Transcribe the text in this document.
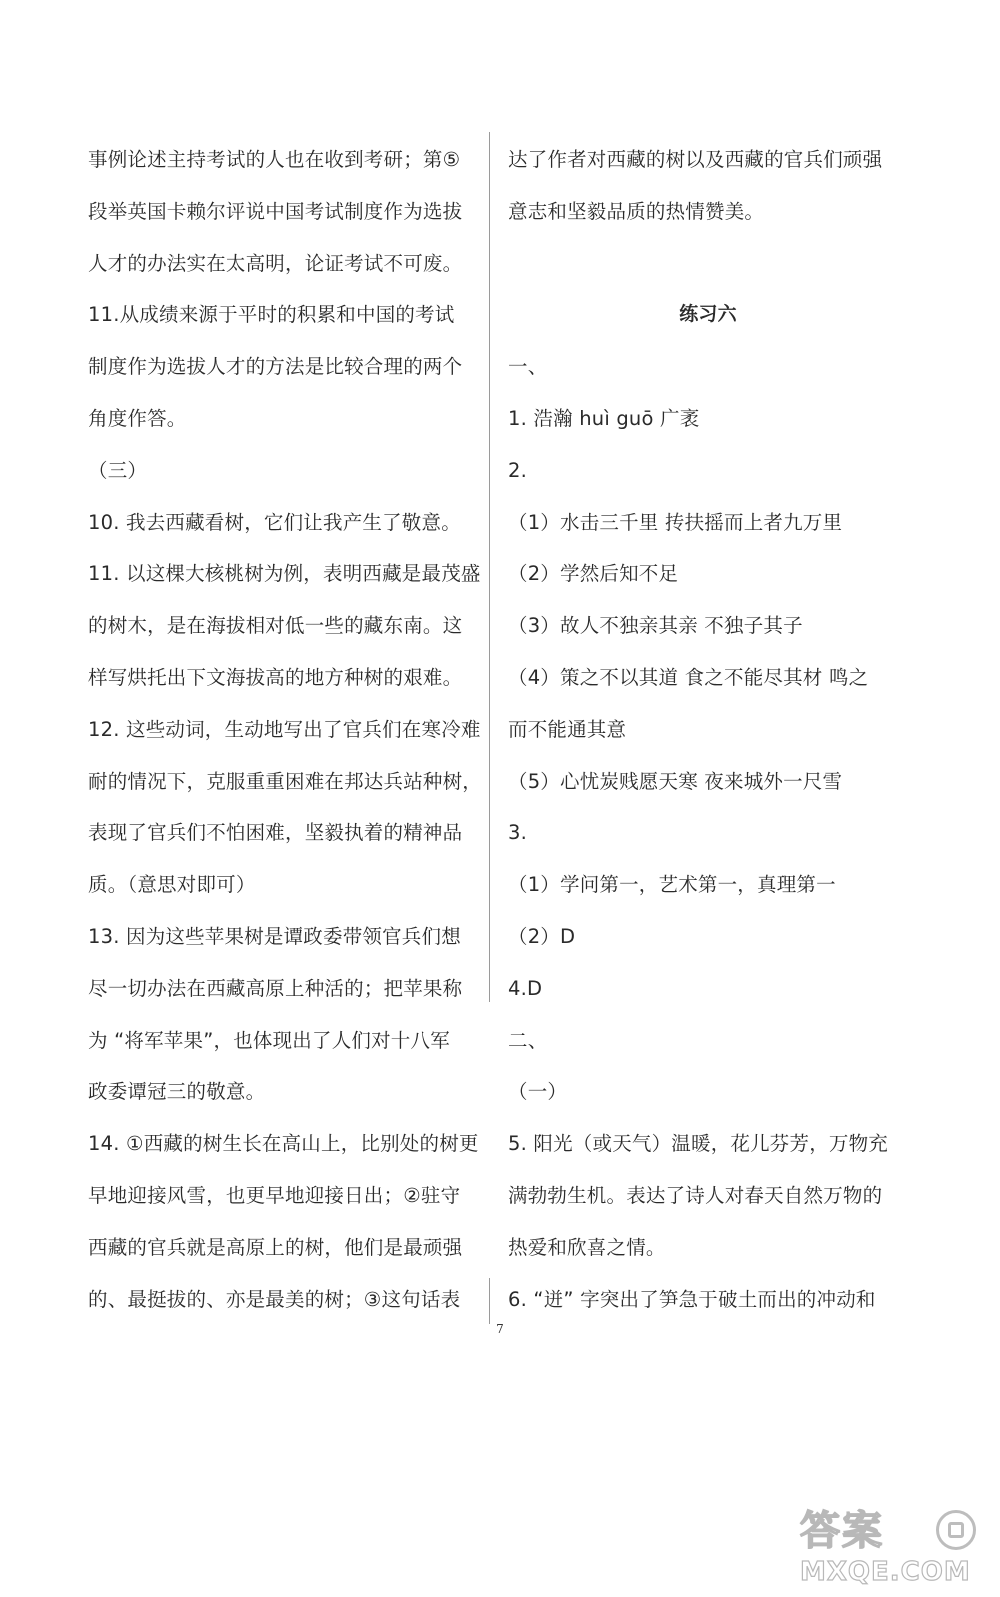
事例论述主持考试的人也在收到考研；第⑤
段举英国卡赖尔评说中国考试制度作为选拔
人才的办法实在太高明，论证考试不可废。
11.从成绩来源于平时的积累和中国的考试
制度作为选拔人才的方法是比较合理的两个
角度作答。
（三）
10. 我去西藏看树，它们让我产生了敬意。
11. 以这棵大核桃树为例，表明西藏是最茂盛
的树木，是在海拔相对低一些的藏东南。这
样写烘托出下文海拔高的地方种树的艰难。
12. 这些动词，生动地写出了官兵们在寒冷难
耐的情况下，克服重重困难在邦达兵站种树，
表现了官兵们不怕困难，坚毅执着的精神品
质。（意思对即可）
13. 因为这些苹果树是谭政委带领官兵们想
尽一切办法在西藏高原上种活的；把苹果称
为 “将军苹果”，也体现出了人们对十八军
政委谭冠三的敬意。
14. ①西藏的树生长在高山上，比别处的树更
早地迎接风雪，也更早地迎接日出；②驻守
西藏的官兵就是高原上的树，他们是最顽强
的、最挺拔的、亦是最美的树；③这句话表
达了作者对西藏的树以及西藏的官兵们顽强
意志和坚毅品质的热情赞美。
练习六
一、
1. 浩瀚 huì guō 广袤
2.
（1）水击三千里 抟扶摇而上者九万里
（2）学然后知不足
（3）故人不独亲其亲 不独子其子
（4）策之不以其道 食之不能尽其材 鸣之
而不能通其意
（5）心忧炭贱愿天寒 夜来城外一尺雪
3.
（1）学问第一，艺术第一，真理第一
（2）D
4.D
二、
（一）
5. 阳光（或天气）温暖，花儿芬芳，万物充
满勃勃生机。表达了诗人对春天自然万物的
热爱和欣喜之情。
6. “迸” 字突出了笋急于破土而出的冲动和
7
答案
MXQE.COM
